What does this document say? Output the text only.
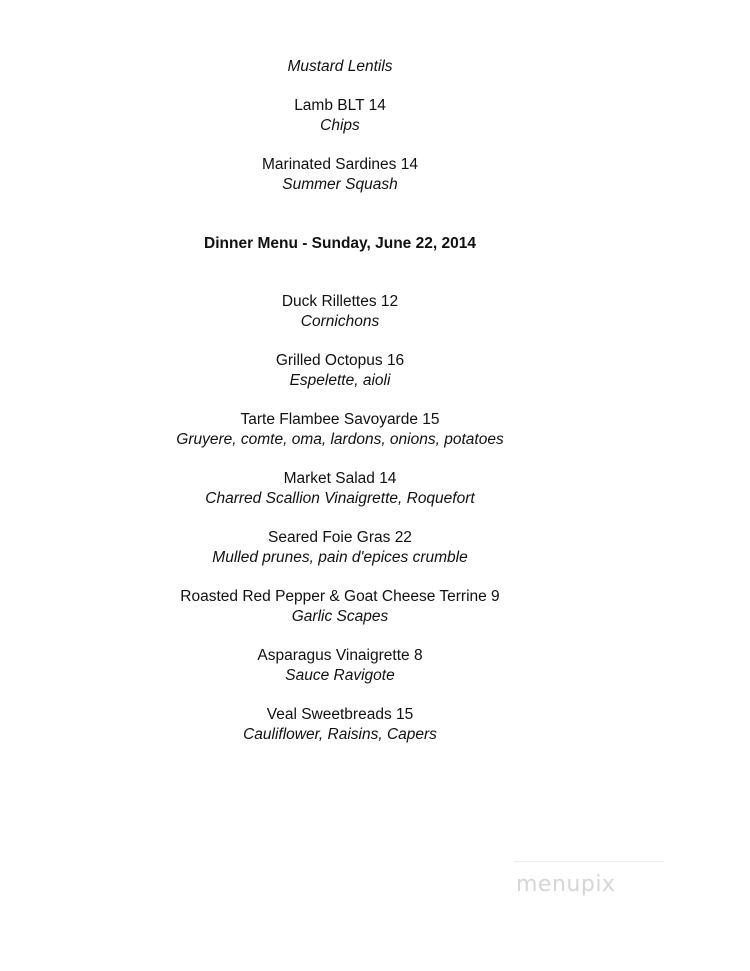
Mustard Lentils
Lamb BLT 14
Chips
Marinated Sardines 14
Summer Squash
Dinner Menu - Sunday, June 22, 2014
Duck Rillettes 12
Cornichons
Grilled Octopus 16
Espelette, aioli
Tarte Flambee Savoyarde 15
Gruyere, comte, oma, lardons, onions, potatoes
Market Salad 14
Charred Scallion Vinaigrette, Roquefort
Seared Foie Gras 22
Mulled prunes, pain d'epices crumble
Roasted Red Pepper & Goat Cheese Terrine 9
Garlic Scapes
Asparagus Vinaigrette 8
Sauce Ravigote
Veal Sweetbreads 15
Cauliflower, Raisins, Capers
menupix
